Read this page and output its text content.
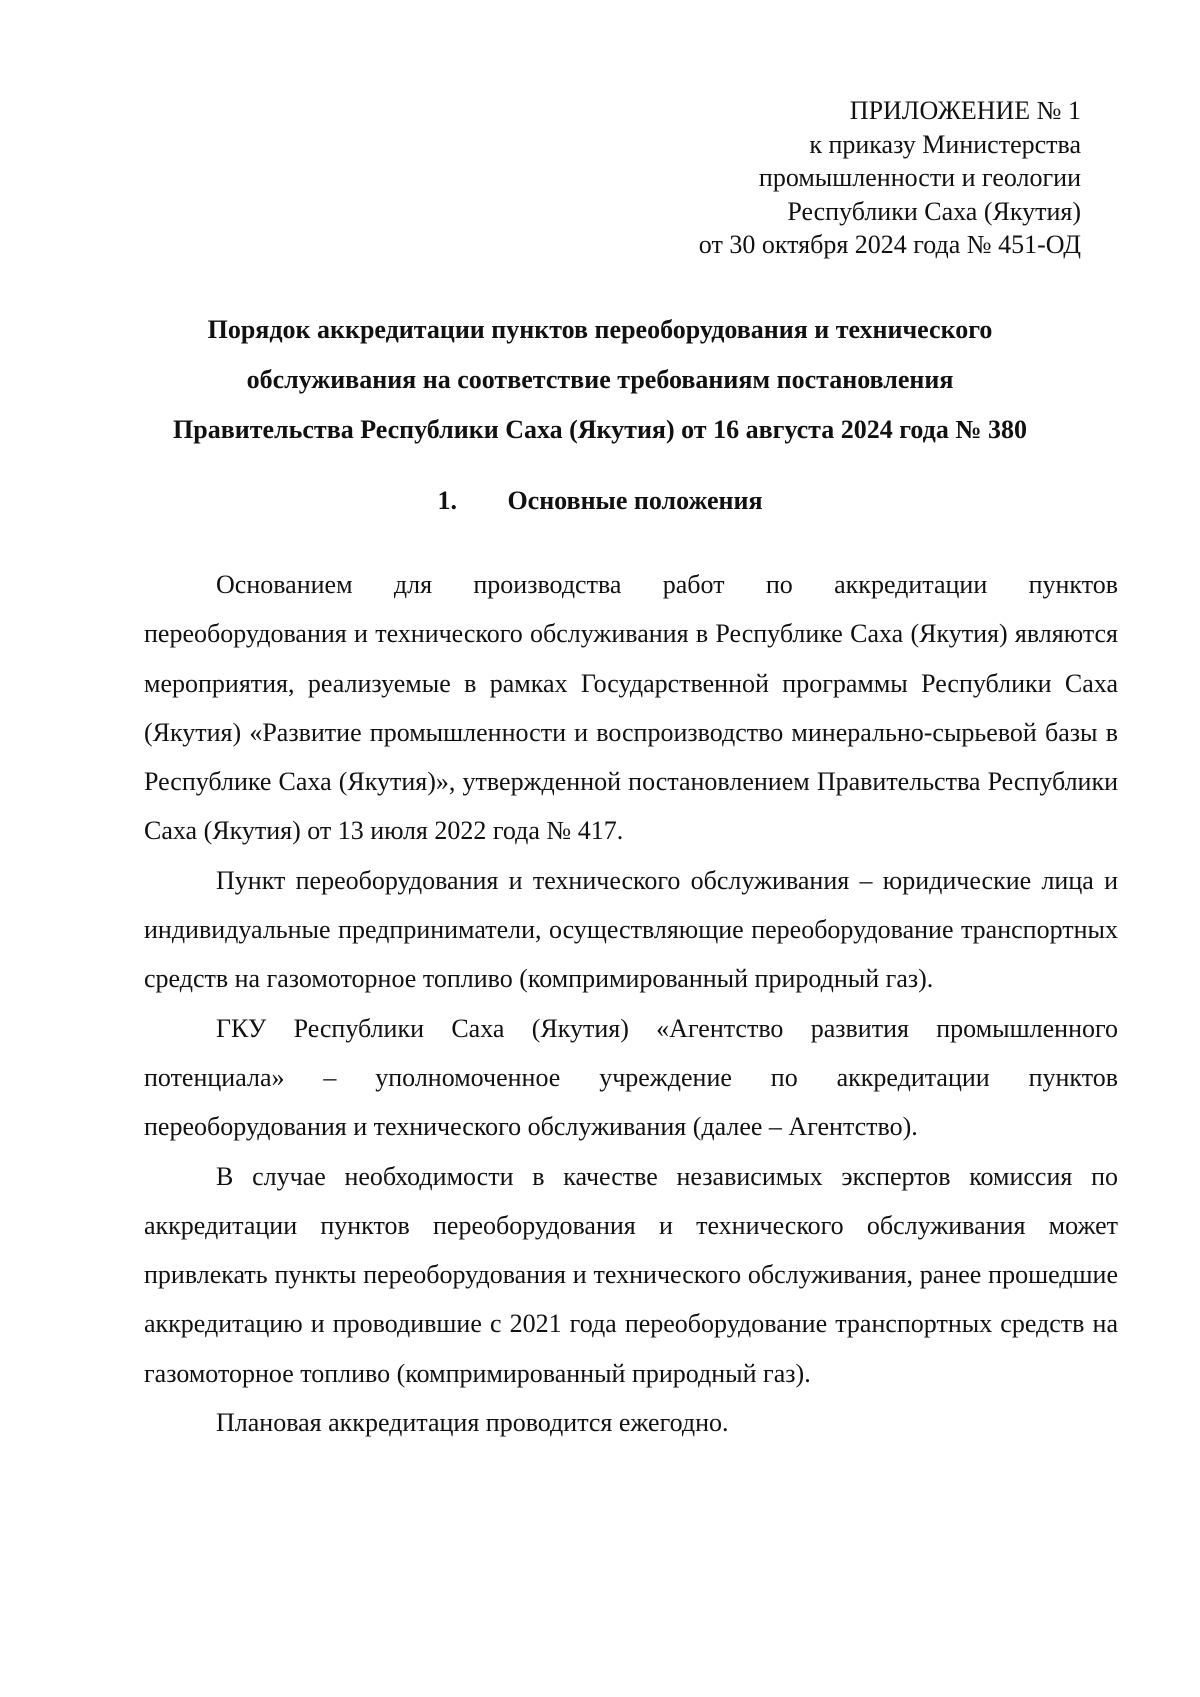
ПРИЛОЖЕНИЕ № 1
к приказу Министерства
промышленности и геологии
Республики Саха (Якутия)
от 30 октября 2024 года № 451-ОД
Порядок аккредитации пунктов переоборудования и технического
обслуживания на соответствие требованиям постановления
Правительства Республики Саха (Якутия) от 16 августа 2024 года № 380
1. Основные положения

Основанием для производства работ по аккредитации пунктов переоборудования и технического обслуживания в Республике Саха (Якутия) являются мероприятия, реализуемые в рамках Государственной программы Республики Саха (Якутия) «Развитие промышленности и воспроизводство минерально-сырьевой базы в Республике Саха (Якутия)», утвержденной постановлением Правительства Республики Саха (Якутия) от 13 июля 2022 года № 417.

Пункт переоборудования и технического обслуживания – юридические лица и индивидуальные предприниматели, осуществляющие переоборудование транспортных средств на газомоторное топливо (компримированный природный газ).

ГКУ Республики Саха (Якутия) «Агентство развития промышленного потенциала» – уполномоченное учреждение по аккредитации пунктов переоборудования и технического обслуживания (далее – Агентство).

В случае необходимости в качестве независимых экспертов комиссия по аккредитации пунктов переоборудования и технического обслуживания может привлекать пункты переоборудования и технического обслуживания, ранее прошедшие аккредитацию и проводившие с 2021 года переоборудование транспортных средств на газомоторное топливо (компримированный природный газ).

Плановая аккредитация проводится ежегодно.
